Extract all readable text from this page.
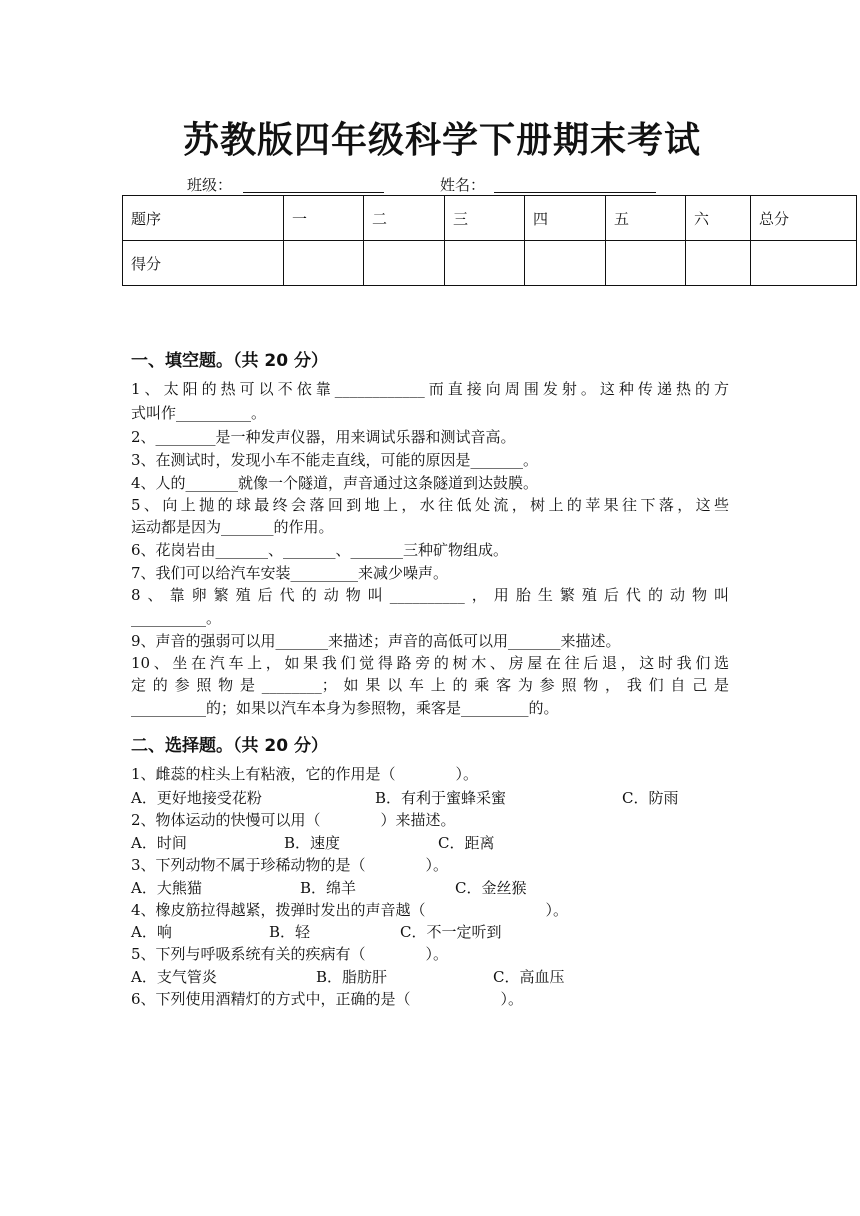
苏教版四年级科学下册期末考试
班级：	姓名：
题序	一	二	三	四	五	六	总分
得分							
一、填空题。（共 20 分）
1、太阳的热可以不依靠____________而直接向周围发射。这种传递热的方
式叫作__________。
2、________是一种发声仪器，用来调试乐器和测试音高。
3、在测试时，发现小车不能走直线，可能的原因是_______。
4、人的_______就像一个隧道，声音通过这条隧道到达鼓膜。
5、向上抛的球最终会落回到地上，水往低处流，树上的苹果往下落，这些
运动都是因为_______的作用。
6、花岗岩由_______、_______、_______三种矿物组成。
7、我们可以给汽车安装_________来减少噪声。
8、靠卵繁殖后代的动物叫__________，用胎生繁殖后代的动物叫
__________。
9、声音的强弱可以用_______来描述；声音的高低可以用_______来描述。
10、坐在汽车上，如果我们觉得路旁的树木、房屋在往后退，这时我们选
定的参照物是________；如果以车上的乘客为参照物，我们自己是
__________的；如果以汽车本身为参照物，乘客是_________的。
二、选择题。（共 20 分）
1、雌蕊的柱头上有粘液，它的作用是（　　　　）。
A．更好地接受花粉	B．有利于蜜蜂采蜜	C．防雨
2、物体运动的快慢可以用（　　　　）来描述。
A．时间	B．速度	C．距离
3、下列动物不属于珍稀动物的是（　　　　）。
A．大熊猫	B．绵羊	C．金丝猴
4、橡皮筋拉得越紧，拨弹时发出的声音越（　　　　　　　　）。
A．响	B．轻	C．不一定听到
5、下列与呼吸系统有关的疾病有（　　　　）。
A．支气管炎	B．脂肪肝	C．高血压
6、下列使用酒精灯的方式中，正确的是（　　　　　　）。
